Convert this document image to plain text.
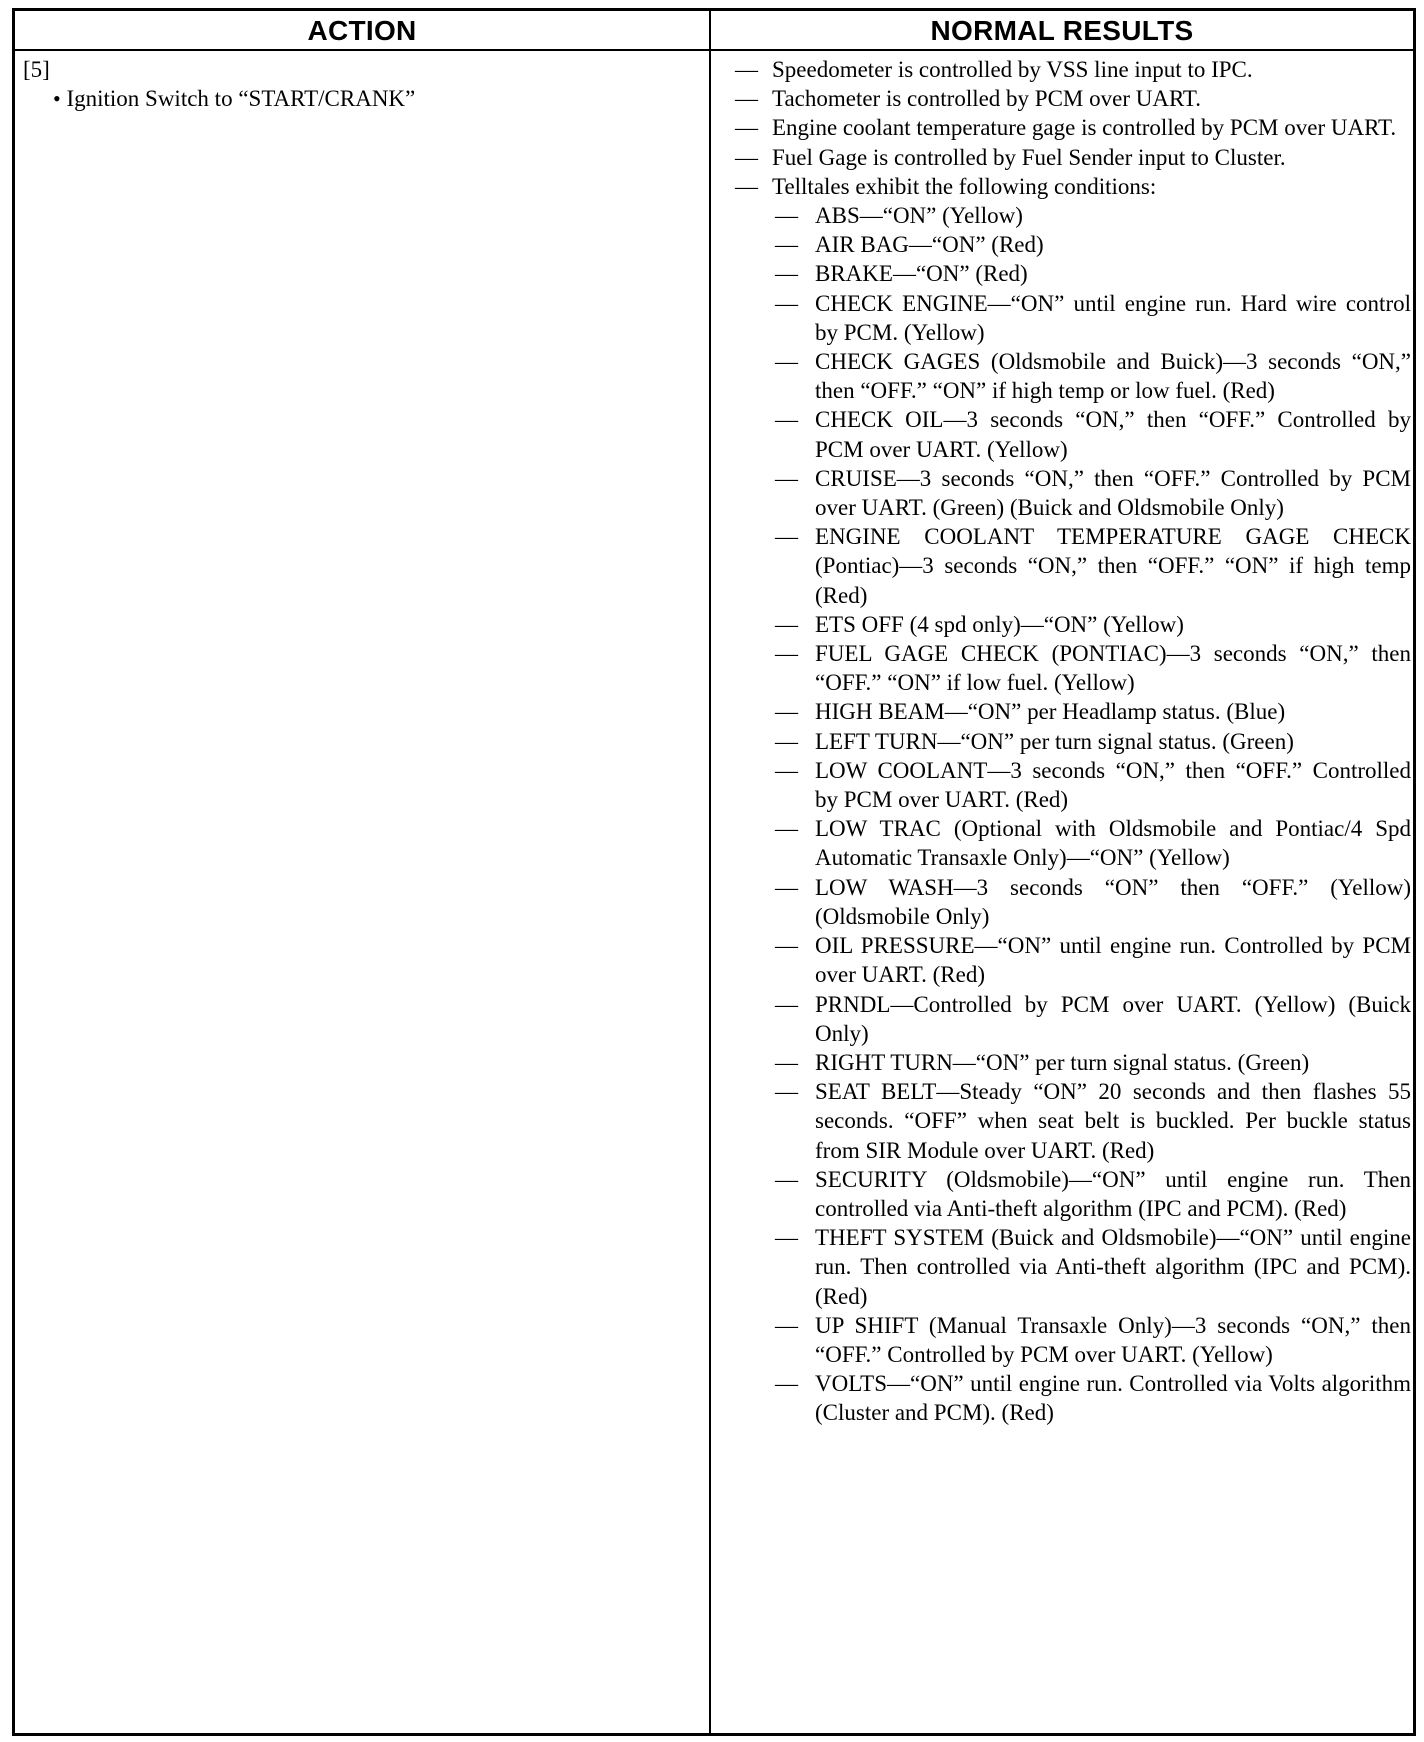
ACTION	NORMAL RESULTS
[5]
• Ignition Switch to “START/CRANK”
— Speedometer is controlled by VSS line input to IPC.
— Tachometer is controlled by PCM over UART.
— Engine coolant temperature gage is controlled by PCM over UART.
— Fuel Gage is controlled by Fuel Sender input to Cluster.
— Telltales exhibit the following conditions:
— ABS—“ON” (Yellow)
— AIR BAG—“ON” (Red)
— BRAKE—“ON” (Red)
— CHECK ENGINE—“ON” until engine run. Hard wire control by PCM. (Yellow)
— CHECK GAGES (Oldsmobile and Buick)—3 seconds “ON,” then “OFF.” “ON” if high temp or low fuel. (Red)
— CHECK OIL—3 seconds “ON,” then “OFF.” Controlled by PCM over UART. (Yellow)
— CRUISE—3 seconds “ON,” then “OFF.” Controlled by PCM over UART. (Green) (Buick and Oldsmobile Only)
— ENGINE COOLANT TEMPERATURE GAGE CHECK (Pontiac)—3 seconds “ON,” then “OFF.” “ON” if high temp (Red)
— ETS OFF (4 spd only)—“ON” (Yellow)
— FUEL GAGE CHECK (PONTIAC)—3 seconds “ON,” then “OFF.” “ON” if low fuel. (Yellow)
— HIGH BEAM—“ON” per Headlamp status. (Blue)
— LEFT TURN—“ON” per turn signal status. (Green)
— LOW COOLANT—3 seconds “ON,” then “OFF.” Controlled by PCM over UART. (Red)
— LOW TRAC (Optional with Oldsmobile and Pontiac/4 Spd Automatic Transaxle Only)—“ON” (Yellow)
— LOW WASH—3 seconds “ON” then “OFF.” (Yellow) (Oldsmobile Only)
— OIL PRESSURE—“ON” until engine run. Controlled by PCM over UART. (Red)
— PRNDL—Controlled by PCM over UART. (Yellow) (Buick Only)
— RIGHT TURN—“ON” per turn signal status. (Green)
— SEAT BELT—Steady “ON” 20 seconds and then flashes 55 seconds. “OFF” when seat belt is buckled. Per buckle status from SIR Module over UART. (Red)
— SECURITY (Oldsmobile)—“ON” until engine run. Then controlled via Anti-theft algorithm (IPC and PCM). (Red)
— THEFT SYSTEM (Buick and Oldsmobile)—“ON” until engine run. Then controlled via Anti-theft algorithm (IPC and PCM). (Red)
— UP SHIFT (Manual Transaxle Only)—3 seconds “ON,” then “OFF.” Controlled by PCM over UART. (Yellow)
— VOLTS—“ON” until engine run. Controlled via Volts algorithm (Cluster and PCM). (Red)
